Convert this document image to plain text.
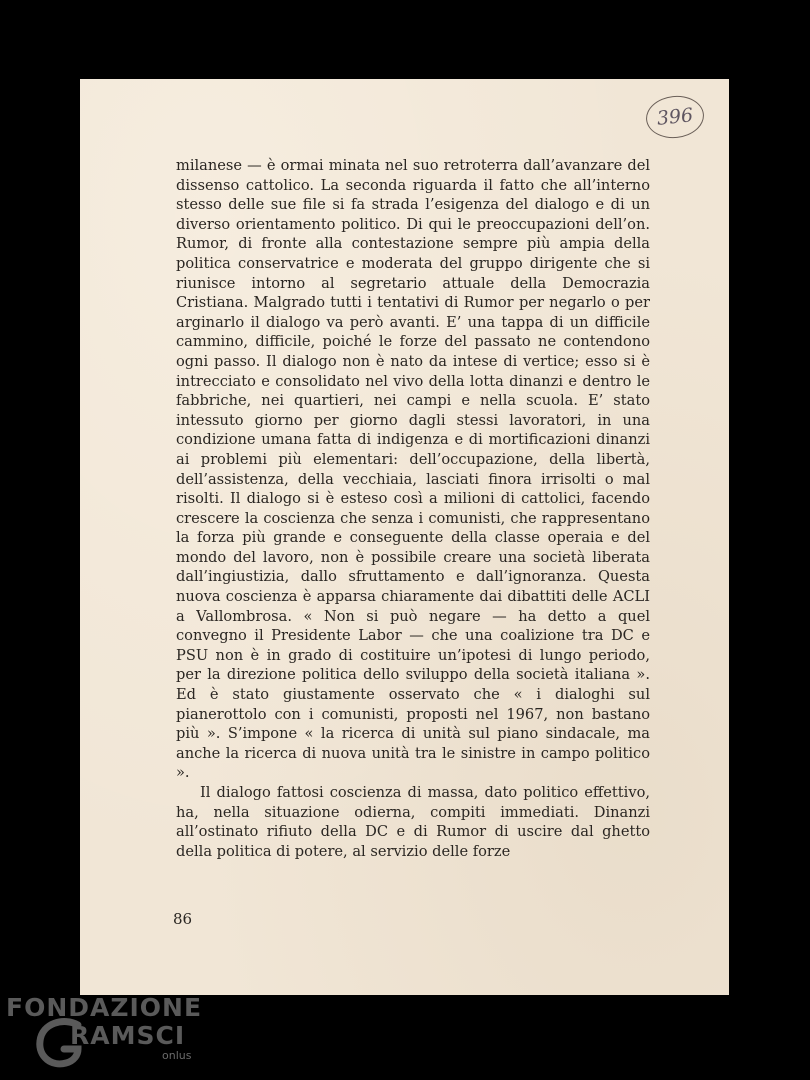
396

milanese — è ormai minata nel suo retroterra dall’avanzare del dissenso cattolico. La seconda riguarda il fatto che all’interno stesso delle sue file si fa strada l’esigenza del dialogo e di un diverso orientamento politico. Di qui le preoccupazioni dell’on. Rumor, di fronte alla contestazione sempre più ampia della politica conservatrice e moderata del gruppo dirigente che si riunisce intorno al segretario attuale della Democrazia Cristiana. Malgrado tutti i tentativi di Rumor per negarlo o per arginarlo il dialogo va però avanti. E’ una tappa di un difficile cammino, difficile, poiché le forze del passato ne contendono ogni passo. Il dialogo non è nato da intese di vertice; esso si è intrecciato e consolidato nel vivo della lotta dinanzi e dentro le fabbriche, nei quartieri, nei campi e nella scuola. E’ stato intessuto giorno per giorno dagli stessi lavoratori, in una condizione umana fatta di indigenza e di mortificazioni dinanzi ai problemi più elementari: dell’occupazione, della libertà, dell’assistenza, della vecchiaia, lasciati finora irrisolti o mal risolti. Il dialogo si è esteso così a milioni di cattolici, facendo crescere la coscienza che senza i comunisti, che rappresentano la forza più grande e conseguente della classe operaia e del mondo del lavoro, non è possibile creare una società liberata dall’ingiustizia, dallo sfruttamento e dall’ignoranza. Questa nuova coscienza è apparsa chiaramente dai dibattiti delle ACLI a Vallombrosa. « Non si può negare — ha detto a quel convegno il Presidente Labor — che una coalizione tra DC e PSU non è in grado di costituire un’ipotesi di lungo periodo, per la direzione politica dello sviluppo della società italiana ». Ed è stato giustamente osservato che « i dialoghi sul pianerottolo con i comunisti, proposti nel 1967, non bastano più ». S’impone « la ricerca di unità sul piano sindacale, ma anche la ricerca di nuova unità tra le sinistre in campo politico ».

Il dialogo fattosi coscienza di massa, dato politico effettivo, ha, nella situazione odierna, compiti immediati. Dinanzi all’ostinato rifiuto della DC e di Rumor di uscire dal ghetto della politica di potere, al servizio delle forze

86
FONDAZIONE
RAMSCI
onlus
